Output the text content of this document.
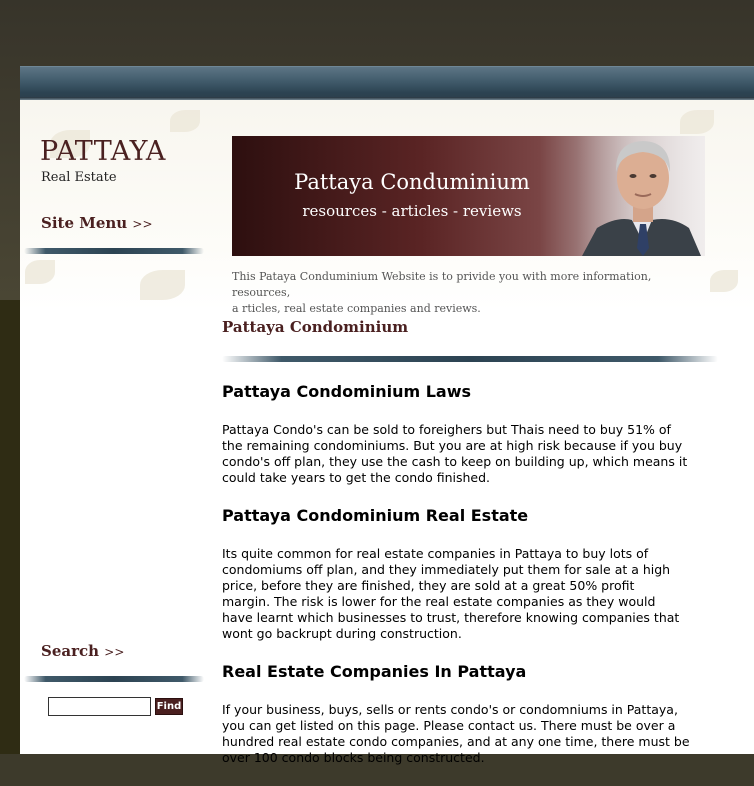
PATTAYA
Real Estate
Site Menu >>
Pattaya Conduminium
resources - articles - reviews
This Pataya Conduminium Website is to privide you with more information, resources,
a rticles, real estate companies and reviews.
Pattaya Condominium
Pattaya Condominium Laws

Pattaya Condo's can be sold to foreighers but Thais need to buy 51% of
the remaining condominiums. But you are at high risk because if you buy
condo's off plan, they use the cash to keep on building up, which means it
could take years to get the condo finished.

Pattaya Condominium Real Estate

Its quite common for real estate companies in Pattaya to buy lots of
condomiums off plan, and they immediately put them for sale at a high
price, before they are finished, they are sold at a great 50% profit
margin. The risk is lower for the real estate companies as they would
have learnt which businesses to trust, therefore knowing companies that
wont go backrupt during construction.

Real Estate Companies In Pattaya

If your business, buys, sells or rents condo's or condomniums in Pattaya,
you can get listed on this page. Please contact us. There must be over a
hundred real estate condo companies, and at any one time, there must be
over 100 condo blocks being constructed.

Search >>
Find
